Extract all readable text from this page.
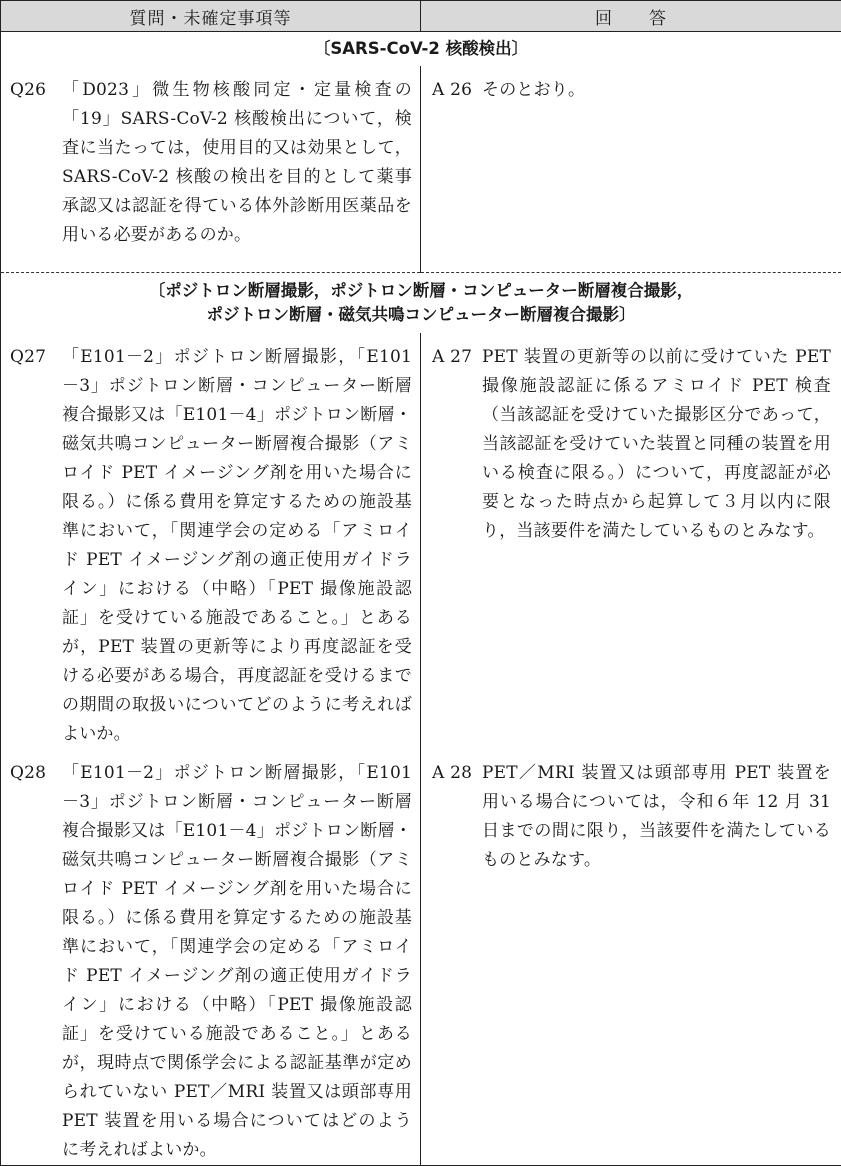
質問・未確定事項等	回　　答

〔SARS-CoV-2 核酸検出〕	

Q26 「D023」微生物核酸同定・定量検査の「19」SARS-CoV-2 核酸検出について，検査に当たっては，使用目的又は効果として，SARS-CoV-2 核酸の検出を目的として薬事承認又は認証を得ている体外診断用医薬品を用いる必要があるのか。	A 26 そのとおり。

〔ポジトロン断層撮影，ポジトロン断層・コンピューター断層複合撮影，
ポジトロン断層・磁気共鳴コンピューター断層複合撮影〕	

Q27 「E101－2」ポジトロン断層撮影，「E101－3」ポジトロン断層・コンピューター断層複合撮影又は「E101－4」ポジトロン断層・磁気共鳴コンピューター断層複合撮影（アミロイド PET イメージング剤を用いた場合に限る。）に係る費用を算定するための施設基準において，「関連学会の定める「アミロイド PET イメージング剤の適正使用ガイドライン」における（中略）「PET 撮像施設認証」を受けている施設であること。」とあるが，PET 装置の更新等により再度認証を受ける必要がある場合，再度認証を受けるまでの期間の取扱いについてどのように考えればよいか。	A 27 PET 装置の更新等の以前に受けていた PET 撮像施設認証に係るアミロイド PET 検査（当該認証を受けていた撮影区分であって，当該認証を受けていた装置と同種の装置を用いる検査に限る。）について，再度認証が必要となった時点から起算して３月以内に限り，当該要件を満たしているものとみなす。

Q28 「E101－2」ポジトロン断層撮影，「E101－3」ポジトロン断層・コンピューター断層複合撮影又は「E101－4」ポジトロン断層・磁気共鳴コンピューター断層複合撮影（アミロイド PET イメージング剤を用いた場合に限る。）に係る費用を算定するための施設基準において，「関連学会の定める「アミロイド PET イメージング剤の適正使用ガイドライン」における（中略）「PET 撮像施設認証」を受けている施設であること。」とあるが，現時点で関係学会による認証基準が定められていない PET／MRI 装置又は頭部専用 PET 装置を用いる場合についてはどのように考えればよいか。	A 28 PET／MRI 装置又は頭部専用 PET 装置を用いる場合については，令和６年 12 月 31 日までの間に限り，当該要件を満たしているものとみなす。
